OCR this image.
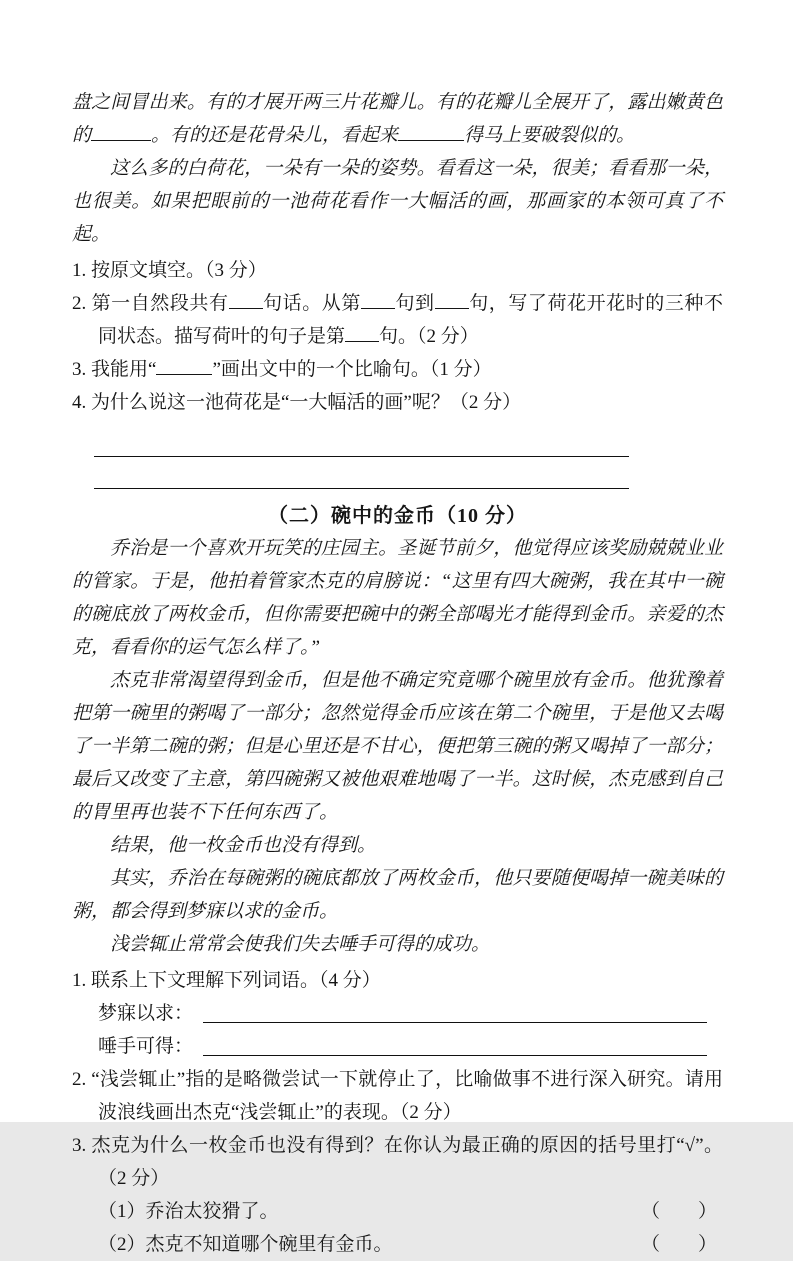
盘之间冒出来。有的才展开两三片花瓣儿。有的花瓣儿全展开了，露出嫩黄色的	。有的还是花骨朵儿，看起来	得马上要破裂似的。
这么多的白荷花，一朵有一朵的姿势。看看这一朵，很美；看看那一朵，也很美。如果把眼前的一池荷花看作一大幅活的画，那画家的本领可真了不起。
1. 按原文填空。（3 分）
2. 第一自然段共有 句话。从第 句到 句，写了荷花开花时的三种不同状态。描写荷叶的句子是第 句。（2 分）
3. 我能用“	”画出文中的一个比喻句。（1 分）
4. 为什么说这一池荷花是“一大幅活的画”呢？（2 分）
（二）碗中的金币（10 分）
乔治是一个喜欢开玩笑的庄园主。圣诞节前夕，他觉得应该奖励兢兢业业的管家。于是，他拍着管家杰克的肩膀说：“这里有四大碗粥，我在其中一碗的碗底放了两枚金币，但你需要把碗中的粥全部喝光才能得到金币。亲爱的杰克，看看你的运气怎么样了。”
杰克非常渴望得到金币，但是他不确定究竟哪个碗里放有金币。他犹豫着把第一碗里的粥喝了一部分；忽然觉得金币应该在第二个碗里，于是他又去喝了一半第二碗的粥；但是心里还是不甘心，便把第三碗的粥又喝掉了一部分；最后又改变了主意，第四碗粥又被他艰难地喝了一半。这时候，杰克感到自己的胃里再也装不下任何东西了。
结果，他一枚金币也没有得到。
其实，乔治在每碗粥的碗底都放了两枚金币，他只要随便喝掉一碗美味的粥，都会得到梦寐以求的金币。
浅尝辄止常常会使我们失去唾手可得的成功。
1. 联系上下文理解下列词语。（4 分）
梦寐以求：
唾手可得：
2. “浅尝辄止”指的是略微尝试一下就停止了，比喻做事不进行深入研究。请用波浪线画出杰克“浅尝辄止”的表现。（2 分）
3. 杰克为什么一枚金币也没有得到？在你认为最正确的原因的括号里打“√”。（2 分）
（1）乔治太狡猾了。	（　　）
（2）杰克不知道哪个碗里有金币。	（　　）
